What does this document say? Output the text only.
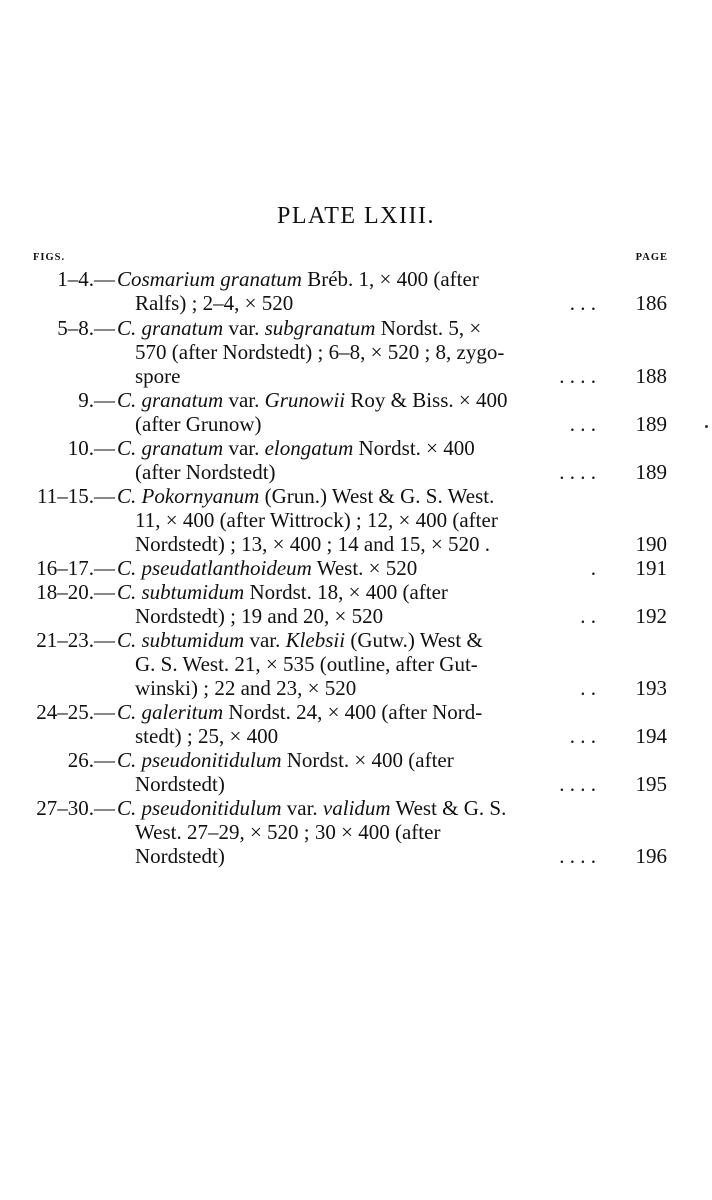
PLATE LXIII.
FIGS.	PAGE
1–4.— Cosmarium granatum Bréb. 1, × 400 (after
Ralfs) ; 2–4, × 520	. . . 186
5–8.— C. granatum var. subgranatum Nordst. 5, ×
570 (after Nordstedt) ; 6–8, × 520 ; 8, zygo-
spore	. . . . 188
9.— C. granatum var. Grunowii Roy & Biss. × 400
(after Grunow)	. . . 189
10.— C. granatum var. elongatum Nordst. × 400
(after Nordstedt)	. . . . 189
11–15.— C. Pokornyanum (Grun.) West & G. S. West.
11, × 400 (after Wittrock) ; 12, × 400 (after
Nordstedt) ; 13, × 400 ; 14 and 15, × 520 .	190
16–17.— C. pseudatlanthoideum West. × 520	. 191
18–20.— C. subtumidum Nordst. 18, × 400 (after
Nordstedt) ; 19 and 20, × 520	. . 192
21–23.— C. subtumidum var. Klebsii (Gutw.) West &
G. S. West. 21, × 535 (outline, after Gut-
winski) ; 22 and 23, × 520	. . 193
24–25.— C. galeritum Nordst. 24, × 400 (after Nord-
stedt) ; 25, × 400	. . . 194
26.— C. pseudonitidulum Nordst. × 400 (after
Nordstedt)	. . . . 195
27–30.— C. pseudonitidulum var. validum West & G. S.
West. 27–29, × 520 ; 30 × 400 (after
Nordstedt)	. . . . 196
